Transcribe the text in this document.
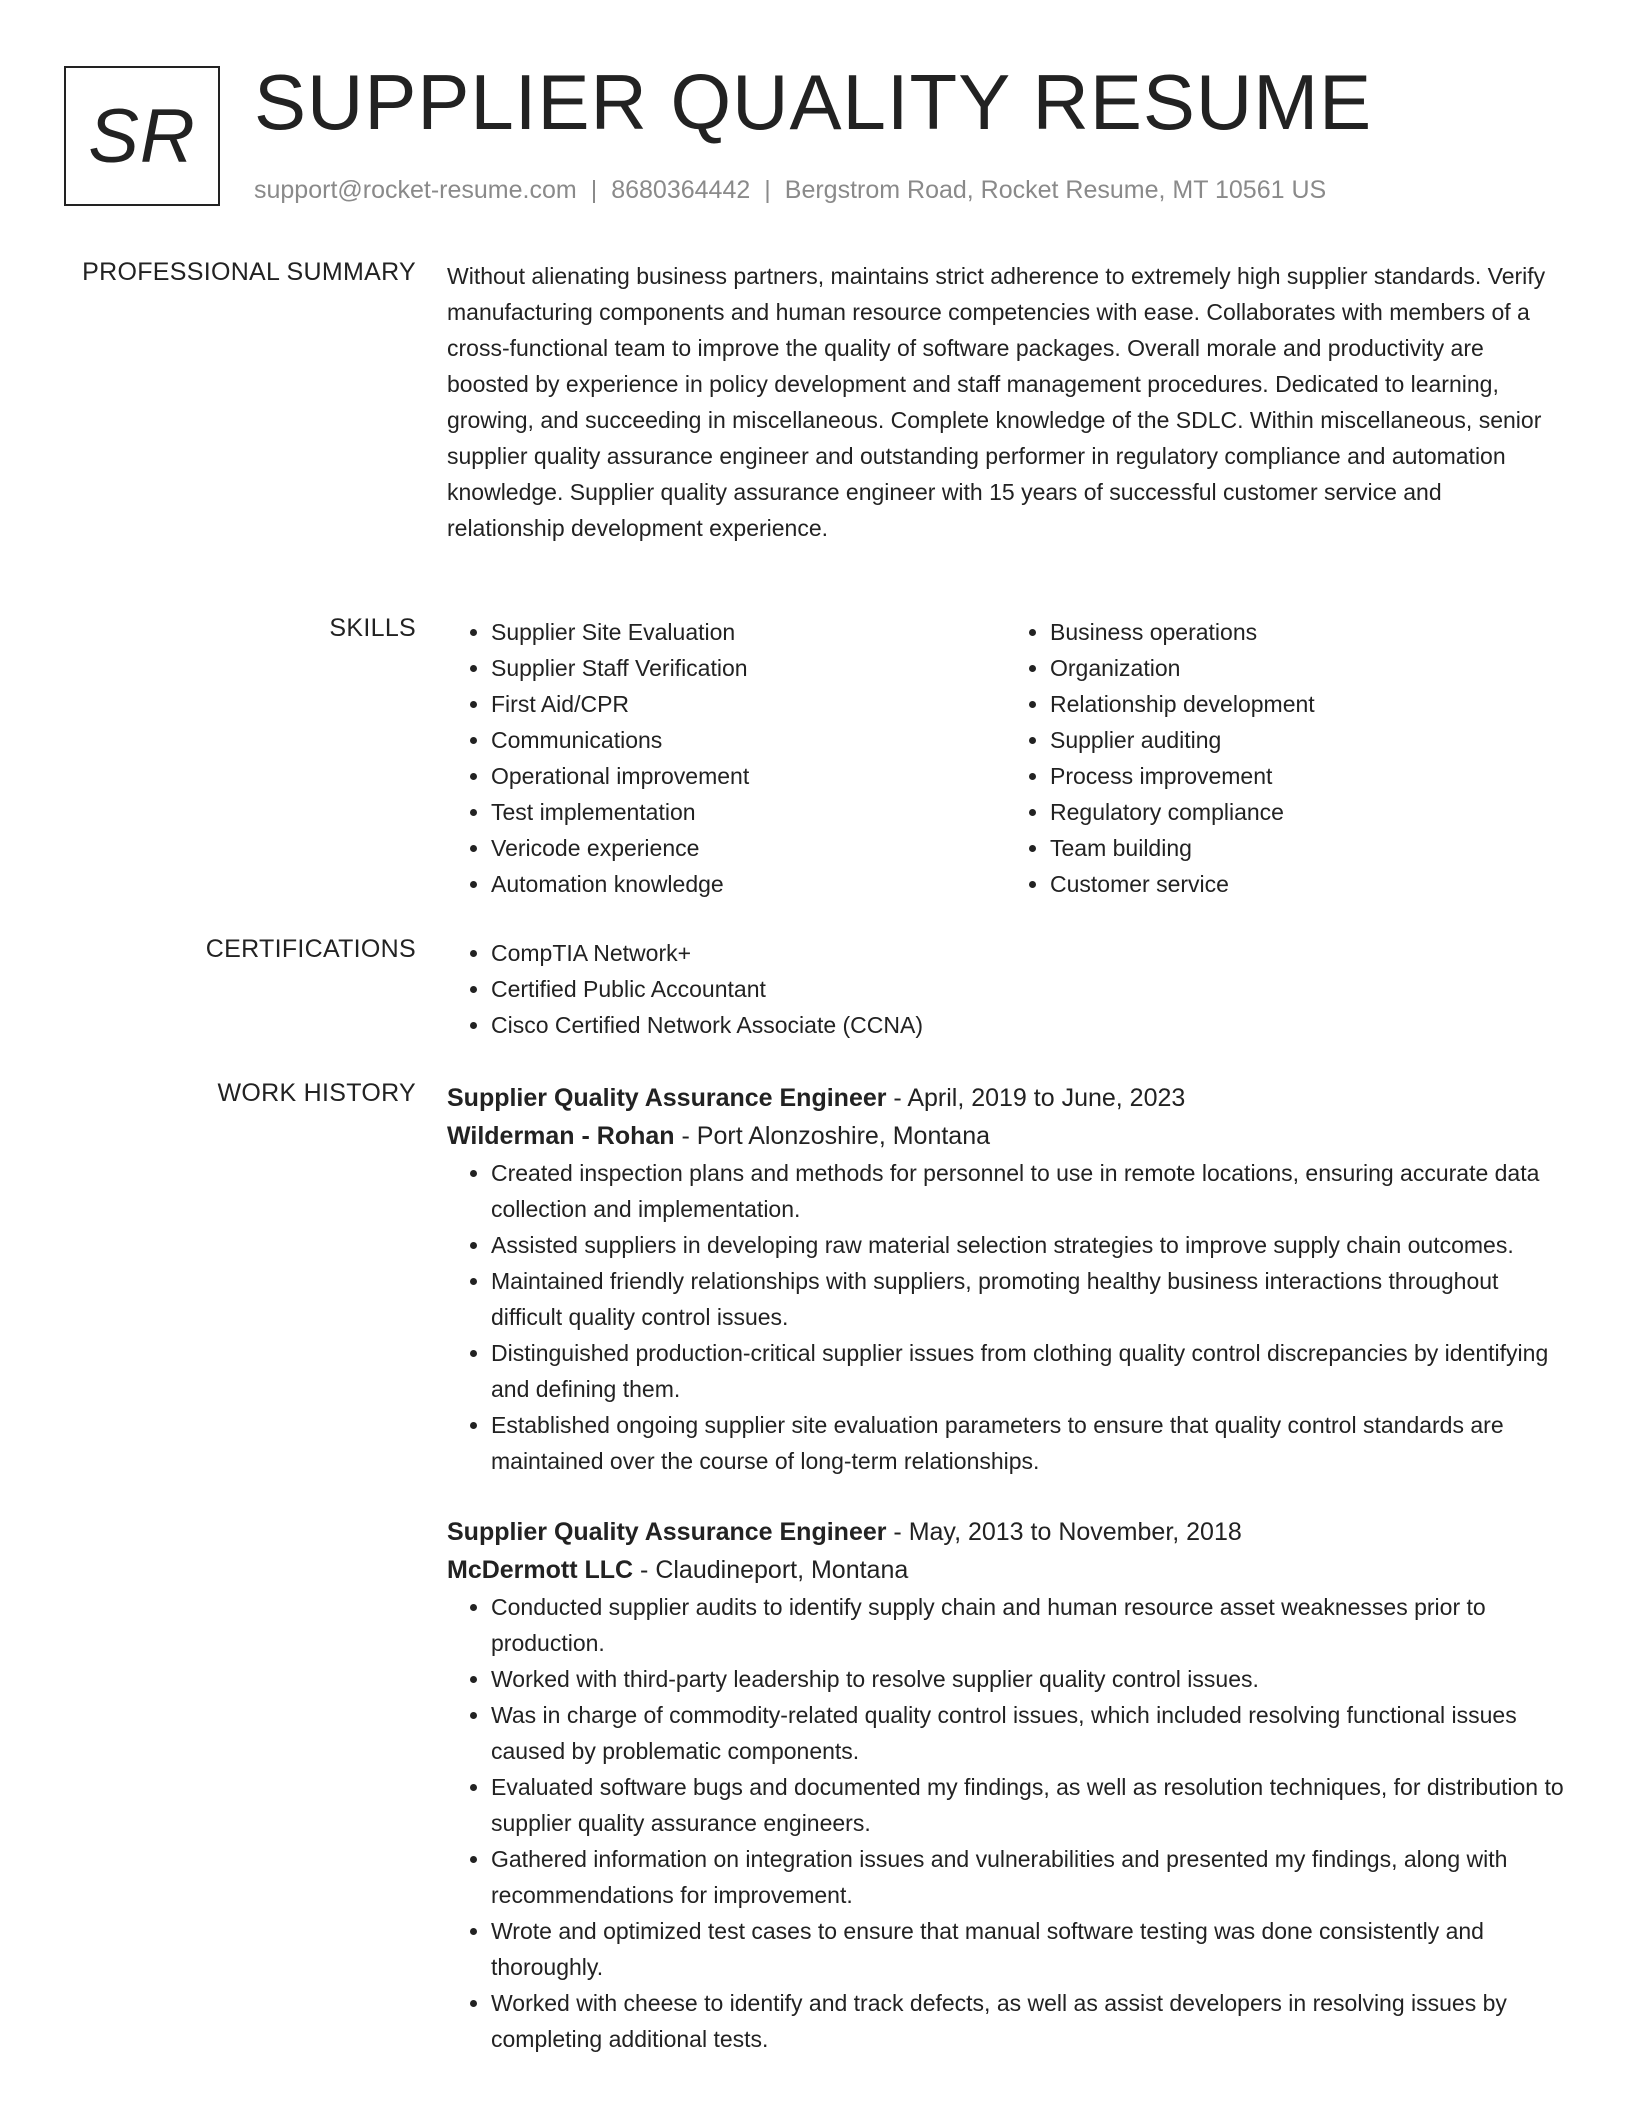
SR SUPPLIER QUALITY RESUME
support@rocket-resume.com | 8680364442 | Bergstrom Road, Rocket Resume, MT 10561 US
PROFESSIONAL SUMMARY Without alienating business partners, maintains strict adherence to extremely high supplier standards. Verify manufacturing components and human resource competencies with ease. Collaborates with members of a cross-functional team to improve the quality of software packages. Overall morale and productivity are boosted by experience in policy development and staff management procedures. Dedicated to learning, growing, and succeeding in miscellaneous. Complete knowledge of the SDLC. Within miscellaneous, senior supplier quality assurance engineer and outstanding performer in regulatory compliance and automation knowledge. Supplier quality assurance engineer with 15 years of successful customer service and relationship development experience.

SKILLS	• Supplier Site Evaluation
• Supplier Staff Verification
• First Aid/CPR
• Communications
• Operational improvement
• Test implementation
• Vericode experience
• Automation knowledge
• Business operations
• Organization
• Relationship development
• Supplier auditing
• Process improvement
• Regulatory compliance
• Team building
• Customer service
CERTIFICATIONS	• CompTIA Network+
• Certified Public Accountant
• Cisco Certified Network Associate (CCNA)
WORK HISTORY Supplier Quality Assurance Engineer - April, 2019 to June, 2023
Wilderman - Rohan - Port Alonzoshire, Montana
• Created inspection plans and methods for personnel to use in remote locations, ensuring accurate data collection and implementation.
• Assisted suppliers in developing raw material selection strategies to improve supply chain outcomes.
• Maintained friendly relationships with suppliers, promoting healthy business interactions throughout difficult quality control issues.
• Distinguished production-critical supplier issues from clothing quality control discrepancies by identifying and defining them.
• Established ongoing supplier site evaluation parameters to ensure that quality control standards are maintained over the course of long-term relationships.
Supplier Quality Assurance Engineer - May, 2013 to November, 2018
McDermott LLC - Claudineport, Montana
• Conducted supplier audits to identify supply chain and human resource asset weaknesses prior to production.
• Worked with third-party leadership to resolve supplier quality control issues.
• Was in charge of commodity-related quality control issues, which included resolving functional issues caused by problematic components.
• Evaluated software bugs and documented my findings, as well as resolution techniques, for distribution to supplier quality assurance engineers.
• Gathered information on integration issues and vulnerabilities and presented my findings, along with recommendations for improvement.
• Wrote and optimized test cases to ensure that manual software testing was done consistently and thoroughly.
• Worked with cheese to identify and track defects, as well as assist developers in resolving issues by completing additional tests.
